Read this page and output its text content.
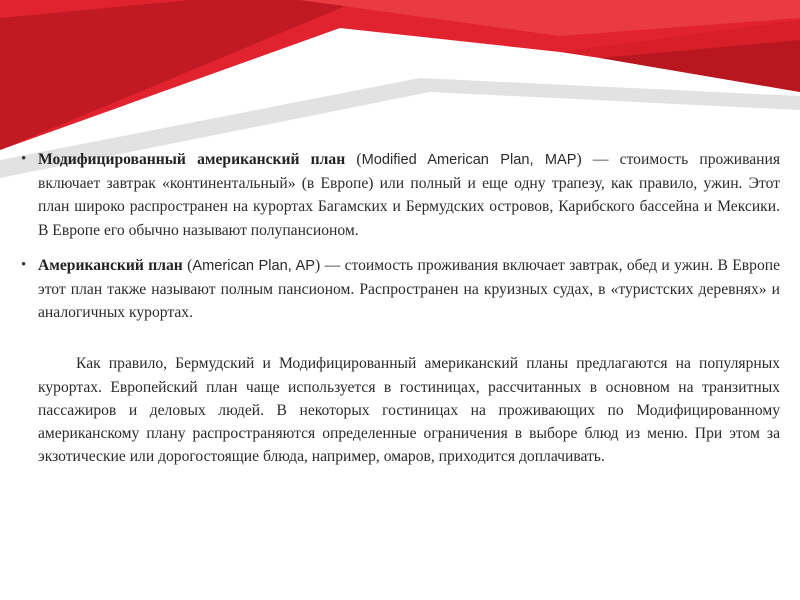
• Модифицированный американский план (Modified American Plan, MAP) — стоимость проживания включает завтрак «континентальный» (в Европе) или полный и еще одну трапезу, как правило, ужин. Этот план широко распространен на курортах Багамских и Бермудских островов, Карибского бассейна и Мексики. В Европе его обычно называют полупансионом.

• Американский план (American Plan, AP) — стоимость проживания включает завтрак, обед и ужин. В Европе этот план также называют полным пансионом. Распространен на круизных судах, в «туристских деревнях» и аналогичных курортах.

Как правило, Бермудский и Модифицированный американский планы предлагаются на популярных курортах. Европейский план чаще используется в гостиницах, рассчитанных в основном на транзитных пассажиров и деловых людей. В некоторых гостиницах на проживающих по Модифицированному американскому плану распространяются определенные ограничения в выборе блюд из меню. При этом за экзотические или дорогостоящие блюда, например, омаров, приходится доплачивать.
